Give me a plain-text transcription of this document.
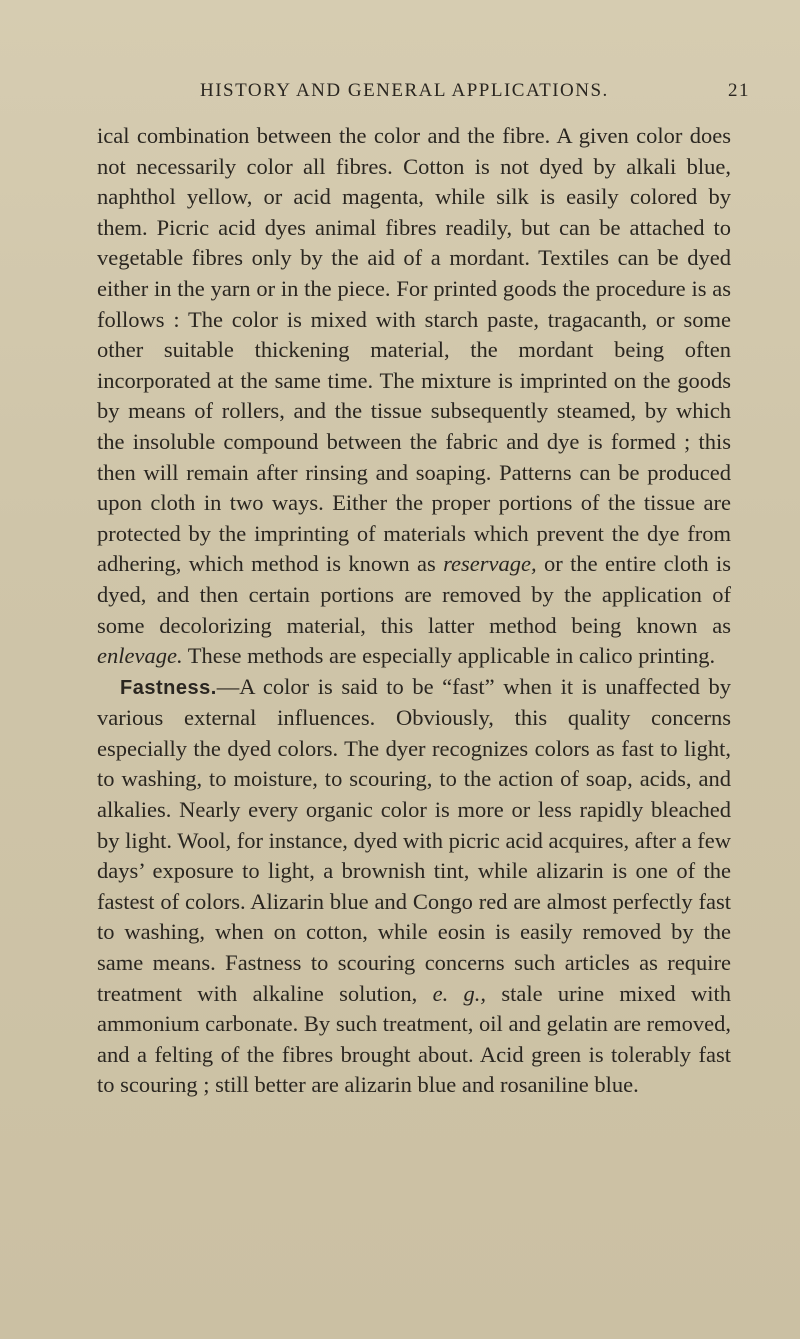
HISTORY AND GENERAL APPLICATIONS.	21

ical combination between the color and the fibre. A given color does not necessarily color all fibres. Cotton is not dyed by alkali blue, naphthol yellow, or acid magenta, while silk is easily colored by them. Picric acid dyes animal fibres readily, but can be attached to vegetable fibres only by the aid of a mordant. Textiles can be dyed either in the yarn or in the piece. For printed goods the procedure is as follows : The color is mixed with starch paste, tragacanth, or some other suitable thickening material, the mordant being often incorporated at the same time. The mixture is imprinted on the goods by means of rollers, and the tissue subsequently steamed, by which the insoluble compound between the fabric and dye is formed ; this then will remain after rinsing and soaping. Patterns can be produced upon cloth in two ways. Either the proper portions of the tissue are protected by the imprinting of materials which prevent the dye from adhering, which method is known as reservage, or the entire cloth is dyed, and then certain portions are removed by the application of some decolorizing material, this latter method being known as enlevage. These methods are especially applicable in calico printing.

Fastness.—A color is said to be “fast” when it is unaffected by various external influences. Obviously, this quality concerns especially the dyed colors. The dyer recognizes colors as fast to light, to washing, to moisture, to scouring, to the action of soap, acids, and alkalies. Nearly every organic color is more or less rapidly bleached by light. Wool, for instance, dyed with picric acid acquires, after a few days’ exposure to light, a brownish tint, while alizarin is one of the fastest of colors. Alizarin blue and Congo red are almost perfectly fast to washing, when on cotton, while eosin is easily removed by the same means. Fastness to scouring concerns such articles as require treatment with alkaline solution, e. g., stale urine mixed with ammonium carbonate. By such treatment, oil and gelatin are removed, and a felting of the fibres brought about. Acid green is tolerably fast to scouring ; still better are alizarin blue and rosaniline blue.
